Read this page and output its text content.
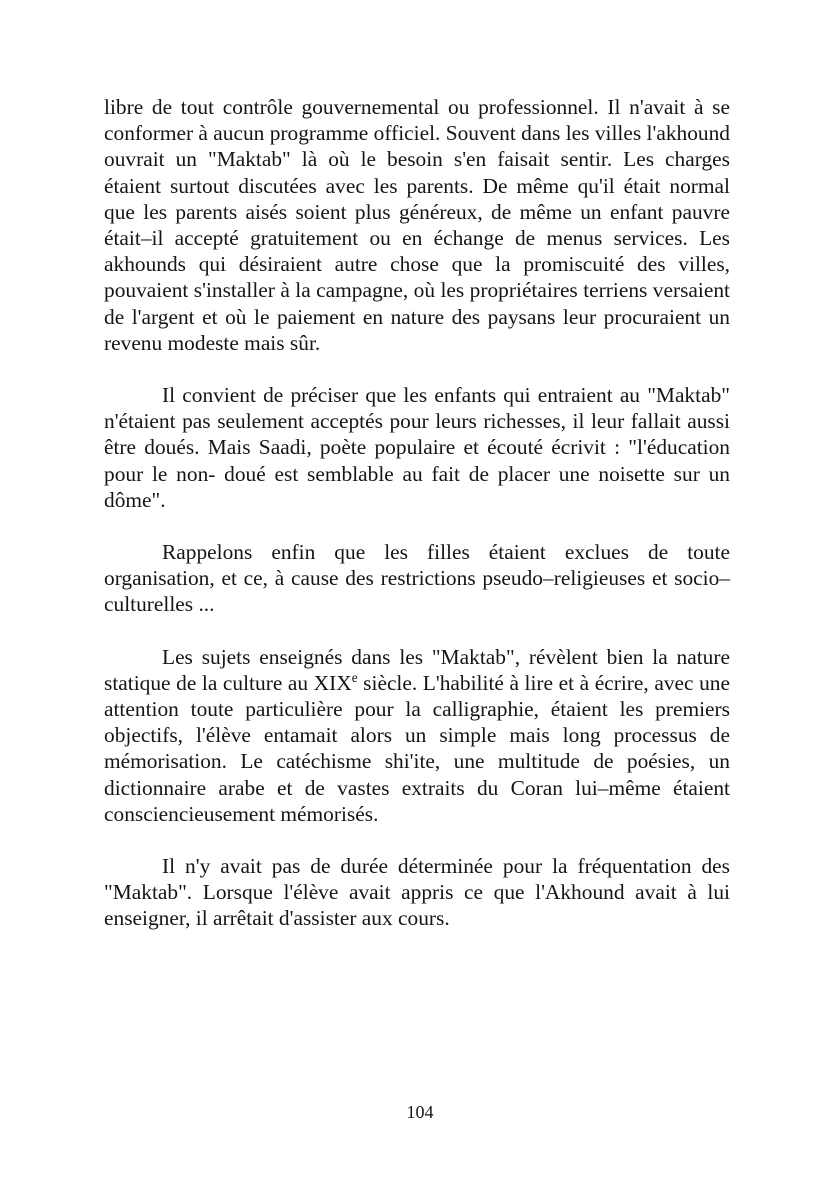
libre de tout contrôle gouvernemental ou professionnel. Il n'avait à se conformer à aucun programme officiel. Souvent dans les villes l'akhound ouvrait un "Maktab" là où le besoin s'en faisait sentir. Les charges étaient surtout discutées avec les parents. De même qu'il était normal que les parents aisés soient plus généreux, de même un enfant pauvre était–il accepté gratuitement ou en échange de menus services. Les akhounds qui désiraient autre chose que la promiscuité des villes, pouvaient s'installer à la campagne, où les propriétaires terriens versaient de l'argent et où le paiement en nature des paysans leur procuraient un revenu modeste mais sûr.

Il convient de préciser que les enfants qui entraient au "Maktab" n'étaient pas seulement acceptés pour leurs richesses, il leur fallait aussi être doués. Mais Saadi, poète populaire et écouté écrivit : "l'éducation pour le non- doué est semblable au fait de placer une noisette sur un dôme".

Rappelons enfin que les filles étaient exclues de toute organisation, et ce, à cause des restrictions pseudo–religieuses et socio–culturelles ...

Les sujets enseignés dans les "Maktab", révèlent bien la nature statique de la culture au XIXe siècle. L'habilité à lire et à écrire, avec une attention toute particulière pour la calligraphie, étaient les premiers objectifs, l'élève entamait alors un simple mais long processus de mémorisation. Le catéchisme shi'ite, une multitude de poésies, un dictionnaire arabe et de vastes extraits du Coran lui–même étaient consciencieusement mémorisés.

Il n'y avait pas de durée déterminée pour la fréquentation des "Maktab". Lorsque l'élève avait appris ce que l'Akhound avait à lui enseigner, il arrêtait d'assister aux cours.

104
